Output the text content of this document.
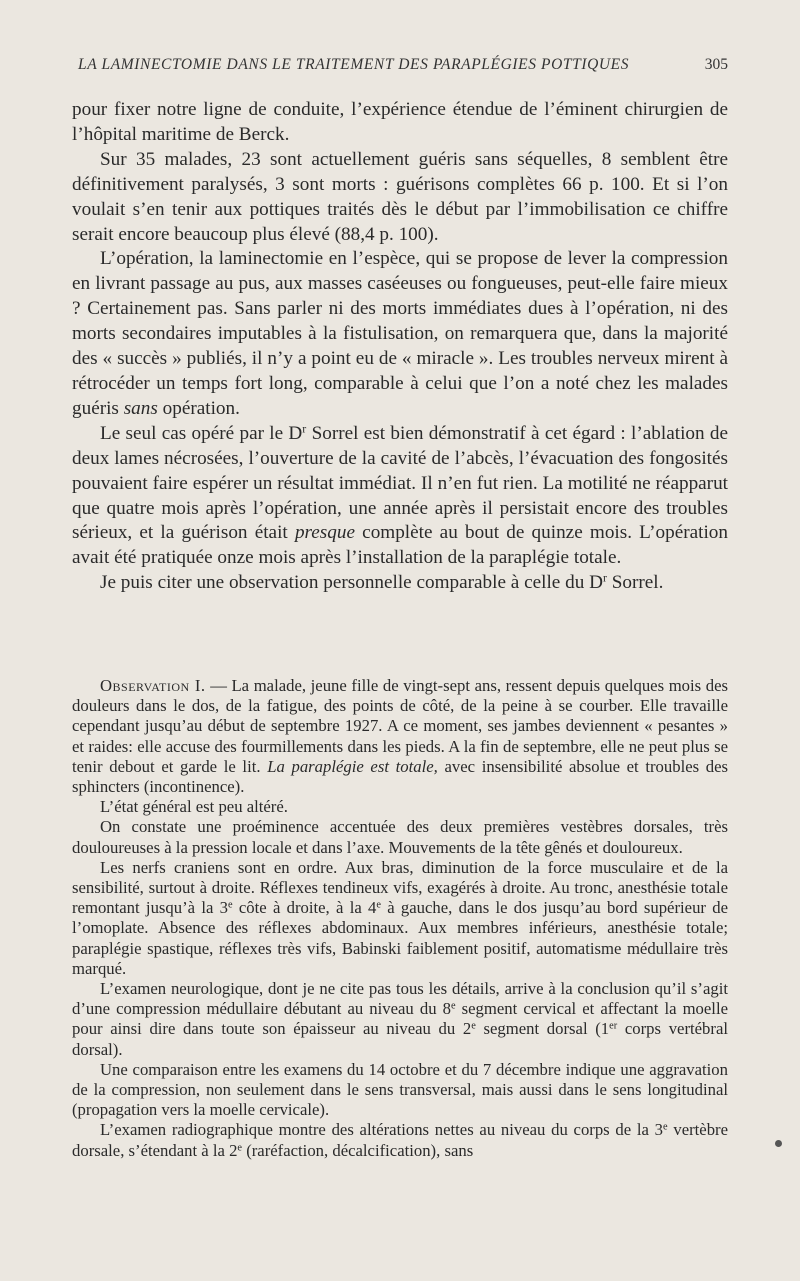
LA LAMINECTOMIE DANS LE TRAITEMENT DES PARAPLÉGIES POTTIQUES	305

pour fixer notre ligne de conduite, l’expérience étendue de l’éminent chirurgien de l’hôpital maritime de Berck.

Sur 35 malades, 23 sont actuellement guéris sans séquelles, 8 semblent être définitivement paralysés, 3 sont morts : guérisons complètes 66 p. 100. Et si l’on voulait s’en tenir aux pottiques traités dès le début par l’immobilisation ce chiffre serait encore beaucoup plus élevé (88,4 p. 100).

L’opération, la laminectomie en l’espèce, qui se propose de lever la compression en livrant passage au pus, aux masses caséeuses ou fongueuses, peut-elle faire mieux ? Certainement pas. Sans parler ni des morts immédiates dues à l’opération, ni des morts secondaires imputables à la fistulisation, on remarquera que, dans la majorité des « succès » publiés, il n’y a point eu de « miracle ». Les troubles nerveux mirent à rétrocéder un temps fort long, comparable à celui que l’on a noté chez les malades guéris sans opération.

Le seul cas opéré par le $D^r$ Sorrel est bien démonstratif à cet égard : l’ablation de deux lames nécrosées, l’ouverture de la cavité de l’abcès, l’évacuation des fongosités pouvaient faire espérer un résultat immédiat. Il n’en fut rien. La motilité ne réapparut que quatre mois après l’opération, une année après il persistait encore des troubles sérieux, et la guérison était presque complète au bout de quinze mois. L’opération avait été pratiquée onze mois après l’installation de la paraplégie totale.

Je puis citer une observation personnelle comparable à celle du $D^r$ Sorrel.

Observation I. — La malade, jeune fille de vingt-sept ans, ressent depuis quelques mois des douleurs dans le dos, de la fatigue, des points de côté, de la peine à se courber. Elle travaille cependant jusqu’au début de septembre 1927. A ce moment, ses jambes deviennent « pesantes » et raides: elle accuse des fourmillements dans les pieds. A la fin de septembre, elle ne peut plus se tenir debout et garde le lit. La paraplégie est totale, avec insensibilité absolue et troubles des sphincters (incontinence).

L’état général est peu altéré.

On constate une proéminence accentuée des deux premières vestèbres dorsales, très douloureuses à la pression locale et dans l’axe. Mouvements de la tête gênés et douloureux.

Les nerfs craniens sont en ordre. Aux bras, diminution de la force musculaire et de la sensibilité, surtout à droite. Réflexes tendineux vifs, exagérés à droite. Au tronc, anesthésie totale remontant jusqu’à la 3e côte à droite, à la 4e à gauche, dans le dos jusqu’au bord supérieur de l’omoplate. Absence des réflexes abdominaux. Aux membres inférieurs, anesthésie totale; paraplégie spastique, réflexes très vifs, Babinski faiblement positif, automatisme médullaire très marqué.

L’examen neurologique, dont je ne cite pas tous les détails, arrive à la conclusion qu’il s’agit d’une compression médullaire débutant au niveau du 8e segment cervical et affectant la moelle pour ainsi dire dans toute son épaisseur au niveau du 2e segment dorsal (1er corps vertébral dorsal).

Une comparaison entre les examens du 14 octobre et du 7 décembre indique une aggravation de la compression, non seulement dans le sens transversal, mais aussi dans le sens longitudinal (propagation vers la moelle cervicale).

L’examen radiographique montre des altérations nettes au niveau du corps de la 3e vertèbre dorsale, s’étendant à la 2e (raréfaction, décalcification), sans
